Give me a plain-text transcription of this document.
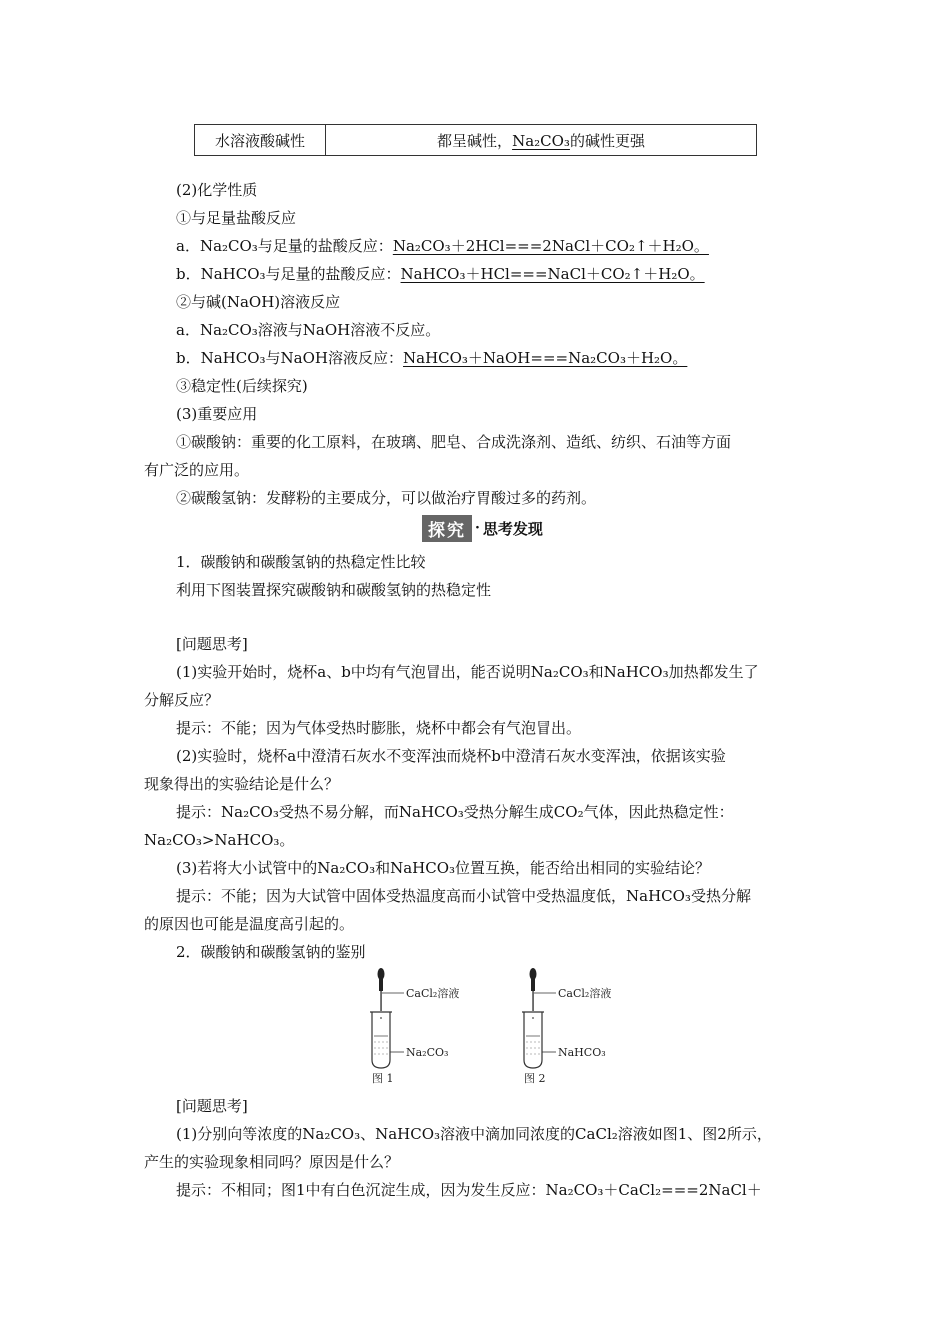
水溶液酸碱性	都呈碱性，Na₂CO₃的碱性更强
(2)化学性质
①与足量盐酸反应
a．Na₂CO₃与足量的盐酸反应：Na₂CO₃＋2HCl===2NaCl＋CO₂↑＋H₂O。
b．NaHCO₃与足量的盐酸反应：NaHCO₃＋HCl===NaCl＋CO₂↑＋H₂O。
②与碱(NaOH)溶液反应
a．Na₂CO₃溶液与NaOH溶液不反应。
b．NaHCO₃与NaOH溶液反应：NaHCO₃＋NaOH===Na₂CO₃＋H₂O。
③稳定性(后续探究)
(3)重要应用
①碳酸钠：重要的化工原料，在玻璃、肥皂、合成洗涤剂、造纸、纺织、石油等方面
有广泛的应用。
②碳酸氢钠：发酵粉的主要成分，可以做治疗胃酸过多的药剂。
探究 · 思考发现
1．碳酸钠和碳酸氢钠的热稳定性比较
利用下图装置探究碳酸钠和碳酸氢钠的热稳定性
[问题思考]
(1)实验开始时，烧杯a、b中均有气泡冒出，能否说明Na₂CO₃和NaHCO₃加热都发生了
分解反应？
提示：不能；因为气体受热时膨胀，烧杯中都会有气泡冒出。
(2)实验时，烧杯a中澄清石灰水不变浑浊而烧杯b中澄清石灰水变浑浊，依据该实验
现象得出的实验结论是什么？
提示：Na₂CO₃受热不易分解，而NaHCO₃受热分解生成CO₂气体，因此热稳定性：
Na₂CO₃>NaHCO₃。
(3)若将大小试管中的Na₂CO₃和NaHCO₃位置互换，能否给出相同的实验结论？
提示：不能；因为大试管中固体受热温度高而小试管中受热温度低，NaHCO₃受热分解
的原因也可能是温度高引起的。
2．碳酸钠和碳酸氢钠的鉴别
CaCl₂溶液
Na₂CO₃
图 1
CaCl₂溶液
NaHCO₃
图 2
[问题思考]
(1)分别向等浓度的Na₂CO₃、NaHCO₃溶液中滴加同浓度的CaCl₂溶液如图1、图2所示，
产生的实验现象相同吗？原因是什么？
提示：不相同；图1中有白色沉淀生成，因为发生反应：Na₂CO₃＋CaCl₂===2NaCl＋
